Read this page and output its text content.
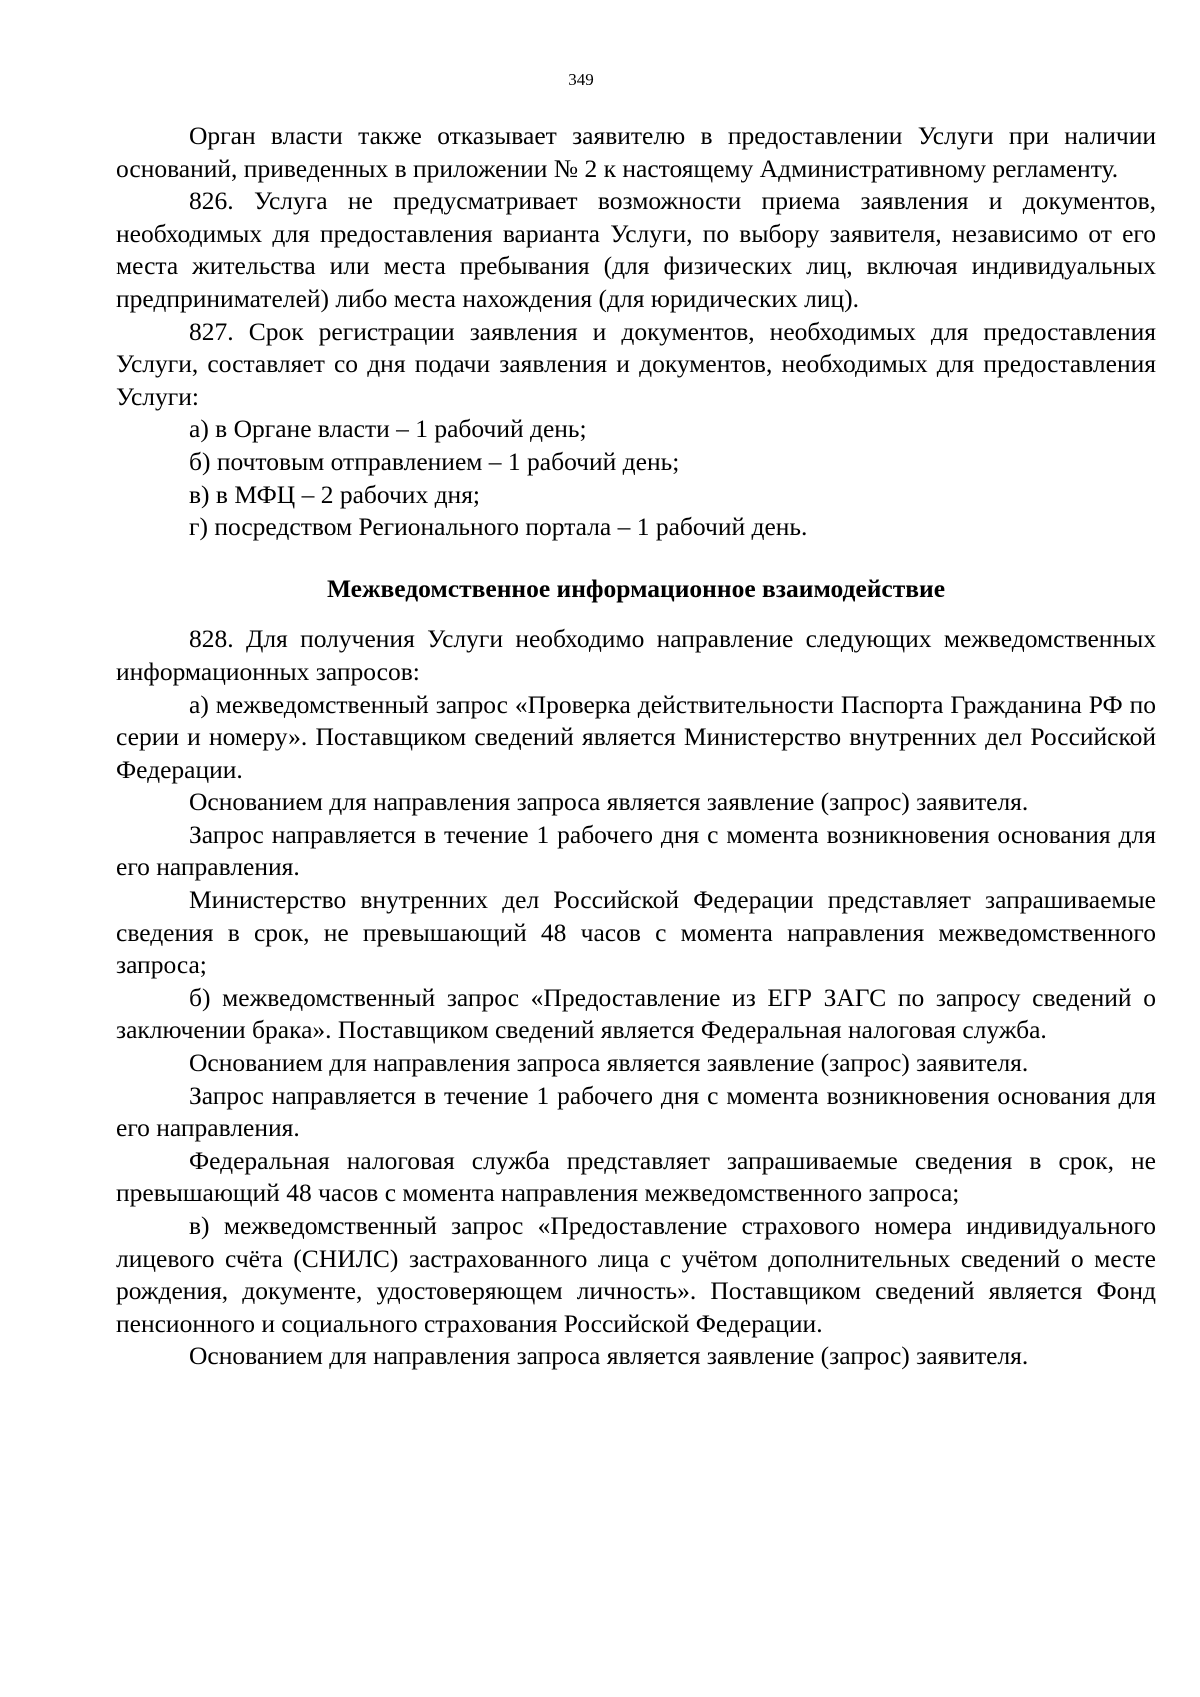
349

Орган власти также отказывает заявителю в предоставлении Услуги при наличии оснований, приведенных в приложении № 2 к настоящему Административному регламенту.

826. Услуга не предусматривает возможности приема заявления и документов, необходимых для предоставления варианта Услуги, по выбору заявителя, независимо от его места жительства или места пребывания (для физических лиц, включая индивидуальных предпринимателей) либо места нахождения (для юридических лиц).

827. Срок регистрации заявления и документов, необходимых для предоставления Услуги, составляет со дня подачи заявления и документов, необходимых для предоставления Услуги:

а) в Органе власти – 1 рабочий день;

б) почтовым отправлением – 1 рабочий день;

в) в МФЦ – 2 рабочих дня;

г) посредством Регионального портала – 1 рабочий день.

Межведомственное информационное взаимодействие

828. Для получения Услуги необходимо направление следующих межведомственных информационных запросов:

а) межведомственный запрос «Проверка действительности Паспорта Гражданина РФ по серии и номеру». Поставщиком сведений является Министерство внутренних дел Российской Федерации.

Основанием для направления запроса является заявление (запрос) заявителя.

Запрос направляется в течение 1 рабочего дня с момента возникновения основания для его направления.

Министерство внутренних дел Российской Федерации представляет запрашиваемые сведения в срок, не превышающий 48 часов с момента направления межведомственного запроса;

б) межведомственный запрос «Предоставление из ЕГР ЗАГС по запросу сведений о заключении брака». Поставщиком сведений является Федеральная налоговая служба.

Основанием для направления запроса является заявление (запрос) заявителя.

Запрос направляется в течение 1 рабочего дня с момента возникновения основания для его направления.

Федеральная налоговая служба представляет запрашиваемые сведения в срок, не превышающий 48 часов с момента направления межведомственного запроса;

в) межведомственный запрос «Предоставление страхового номера индивидуального лицевого счёта (СНИЛС) застрахованного лица с учётом дополнительных сведений о месте рождения, документе, удостоверяющем личность». Поставщиком сведений является Фонд пенсионного и социального страхования Российской Федерации.

Основанием для направления запроса является заявление (запрос) заявителя.
